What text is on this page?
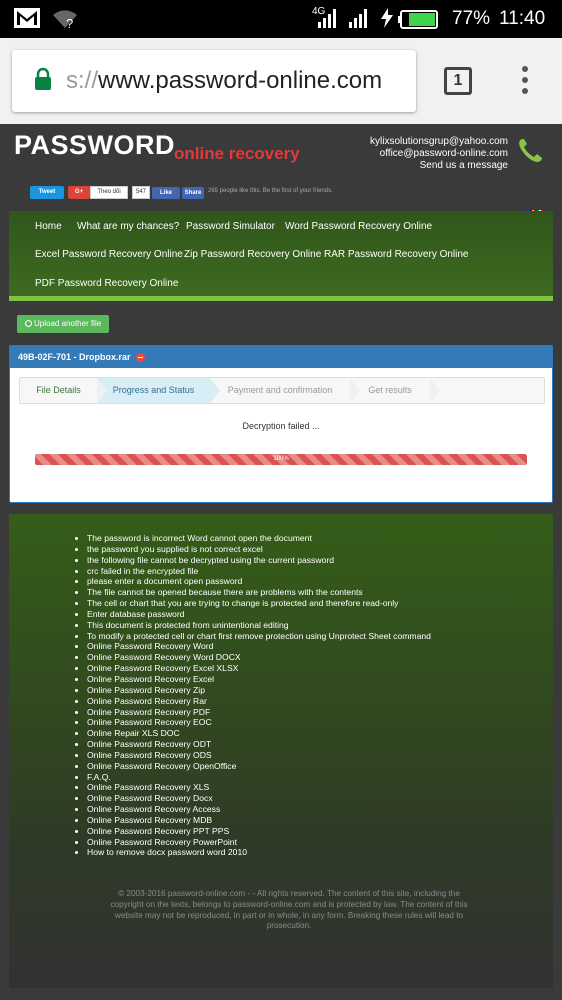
?
4G	77% 11:40
s://www.password-online.com	1
PASSWORD
online recovery
kylixsolutionsgrup@yahoo.com
office@password-online.com
Send us a message
Tweet	G+	Theo dõi	547	Like	Share	265 people like this. Be the first of your friends.
Home What are my chances? Password Simulator Word Password Recovery Online
Excel Password Recovery Online Zip Password Recovery Online RAR Password Recovery Online
PDF Password Recovery Online
Upload another file
49B-02F-701 - Dropbox.rar
File Details	Progress and Status	Payment and confirmation	Get results
Decryption failed ...
100%
• The password is incorrect Word cannot open the document
• the password you supplied is not correct excel
• the following file cannot be decrypted using the current password
• crc failed in the encrypted file
• please enter a document open password
• The file cannot be opened because there are problems with the contents
• The cell or chart that you are trying to change is protected and therefore read-only
• Enter database password
• This document is protected from unintentional editing
• To modify a protected cell or chart first remove protection using Unprotect Sheet command
• Online Password Recovery Word
• Online Password Recovery Word DOCX
• Online Password Recovery Excel XLSX
• Online Password Recovery Excel
• Online Password Recovery Zip
• Online Password Recovery Rar
• Online Password Recovery PDF
• Online Password Recovery EOC
• Online Repair XLS DOC
• Online Password Recovery ODT
• Online Password Recovery ODS
• Online Password Recovery OpenOffice
• F.A.Q.
• Online Password Recovery XLS
• Online Password Recovery Docx
• Online Password Recovery Access
• Online Password Recovery MDB
• Online Password Recovery PPT PPS
• Online Password Recovery PowerPoint
• How to remove docx password word 2010
© 2003-2016 password-online.com - - All rights reserved. The content of this site, including the copyright on the texts, belongs to password-online.com and is protected by law. The content of this website may not be reproduced, in part or in whole, in any form. Breaking these rules will lead to prosecution.
